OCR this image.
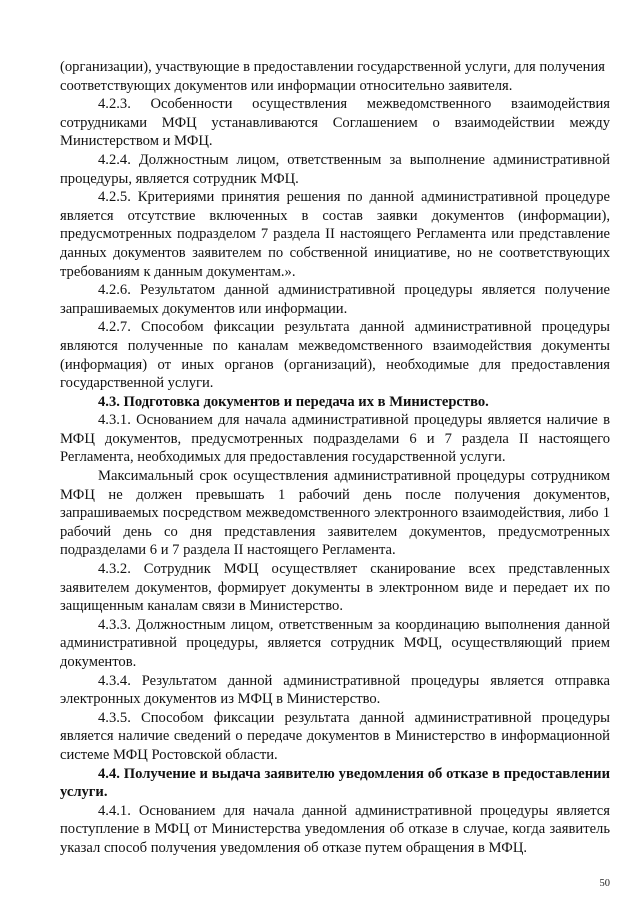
(организации), участвующие в предоставлении государственной услуги, для получения соответствующих документов или информации относительно заявителя.

4.2.3. Особенности осуществления межведомственного взаимодействия сотрудниками МФЦ устанавливаются Соглашением о взаимодействии между Министерством и МФЦ.

4.2.4. Должностным лицом, ответственным за выполнение административной процедуры, является сотрудник МФЦ.

4.2.5. Критериями принятия решения по данной административной процедуре является отсутствие включенных в состав заявки документов (информации), предусмотренных подразделом 7 раздела II настоящего Регламента или представление данных документов заявителем по собственной инициативе, но не соответствующих требованиям к данным документам.».

4.2.6. Результатом данной административной процедуры является получение запрашиваемых документов или информации.

4.2.7. Способом фиксации результата данной административной процедуры являются полученные по каналам межведомственного взаимодействия документы (информация) от иных органов (организаций), необходимые для предоставления государственной услуги.

4.3. Подготовка документов и передача их в Министерство.

4.3.1. Основанием для начала административной процедуры является наличие в МФЦ документов, предусмотренных подразделами 6 и 7 раздела II настоящего Регламента, необходимых для предоставления государственной услуги.

Максимальный срок осуществления административной процедуры сотрудником МФЦ не должен превышать 1 рабочий день после получения документов, запрашиваемых посредством межведомственного электронного взаимодействия, либо 1 рабочий день со дня представления заявителем документов, предусмотренных подразделами 6 и 7 раздела II настоящего Регламента.

4.3.2. Сотрудник МФЦ осуществляет сканирование всех представленных заявителем документов, формирует документы в электронном виде и передает их по защищенным каналам связи в Министерство.

4.3.3. Должностным лицом, ответственным за координацию выполнения данной административной процедуры, является сотрудник МФЦ, осуществляющий прием документов.

4.3.4. Результатом данной административной процедуры является отправка электронных документов из МФЦ в Министерство.

4.3.5. Способом фиксации результата данной административной процедуры является наличие сведений о передаче документов в Министерство в информационной системе МФЦ Ростовской области.

4.4. Получение и выдача заявителю уведомления об отказе в предоставлении услуги.

4.4.1. Основанием для начала данной административной процедуры является поступление в МФЦ от Министерства уведомления об отказе в случае, когда заявитель указал способ получения уведомления об отказе путем обращения в МФЦ.

50
